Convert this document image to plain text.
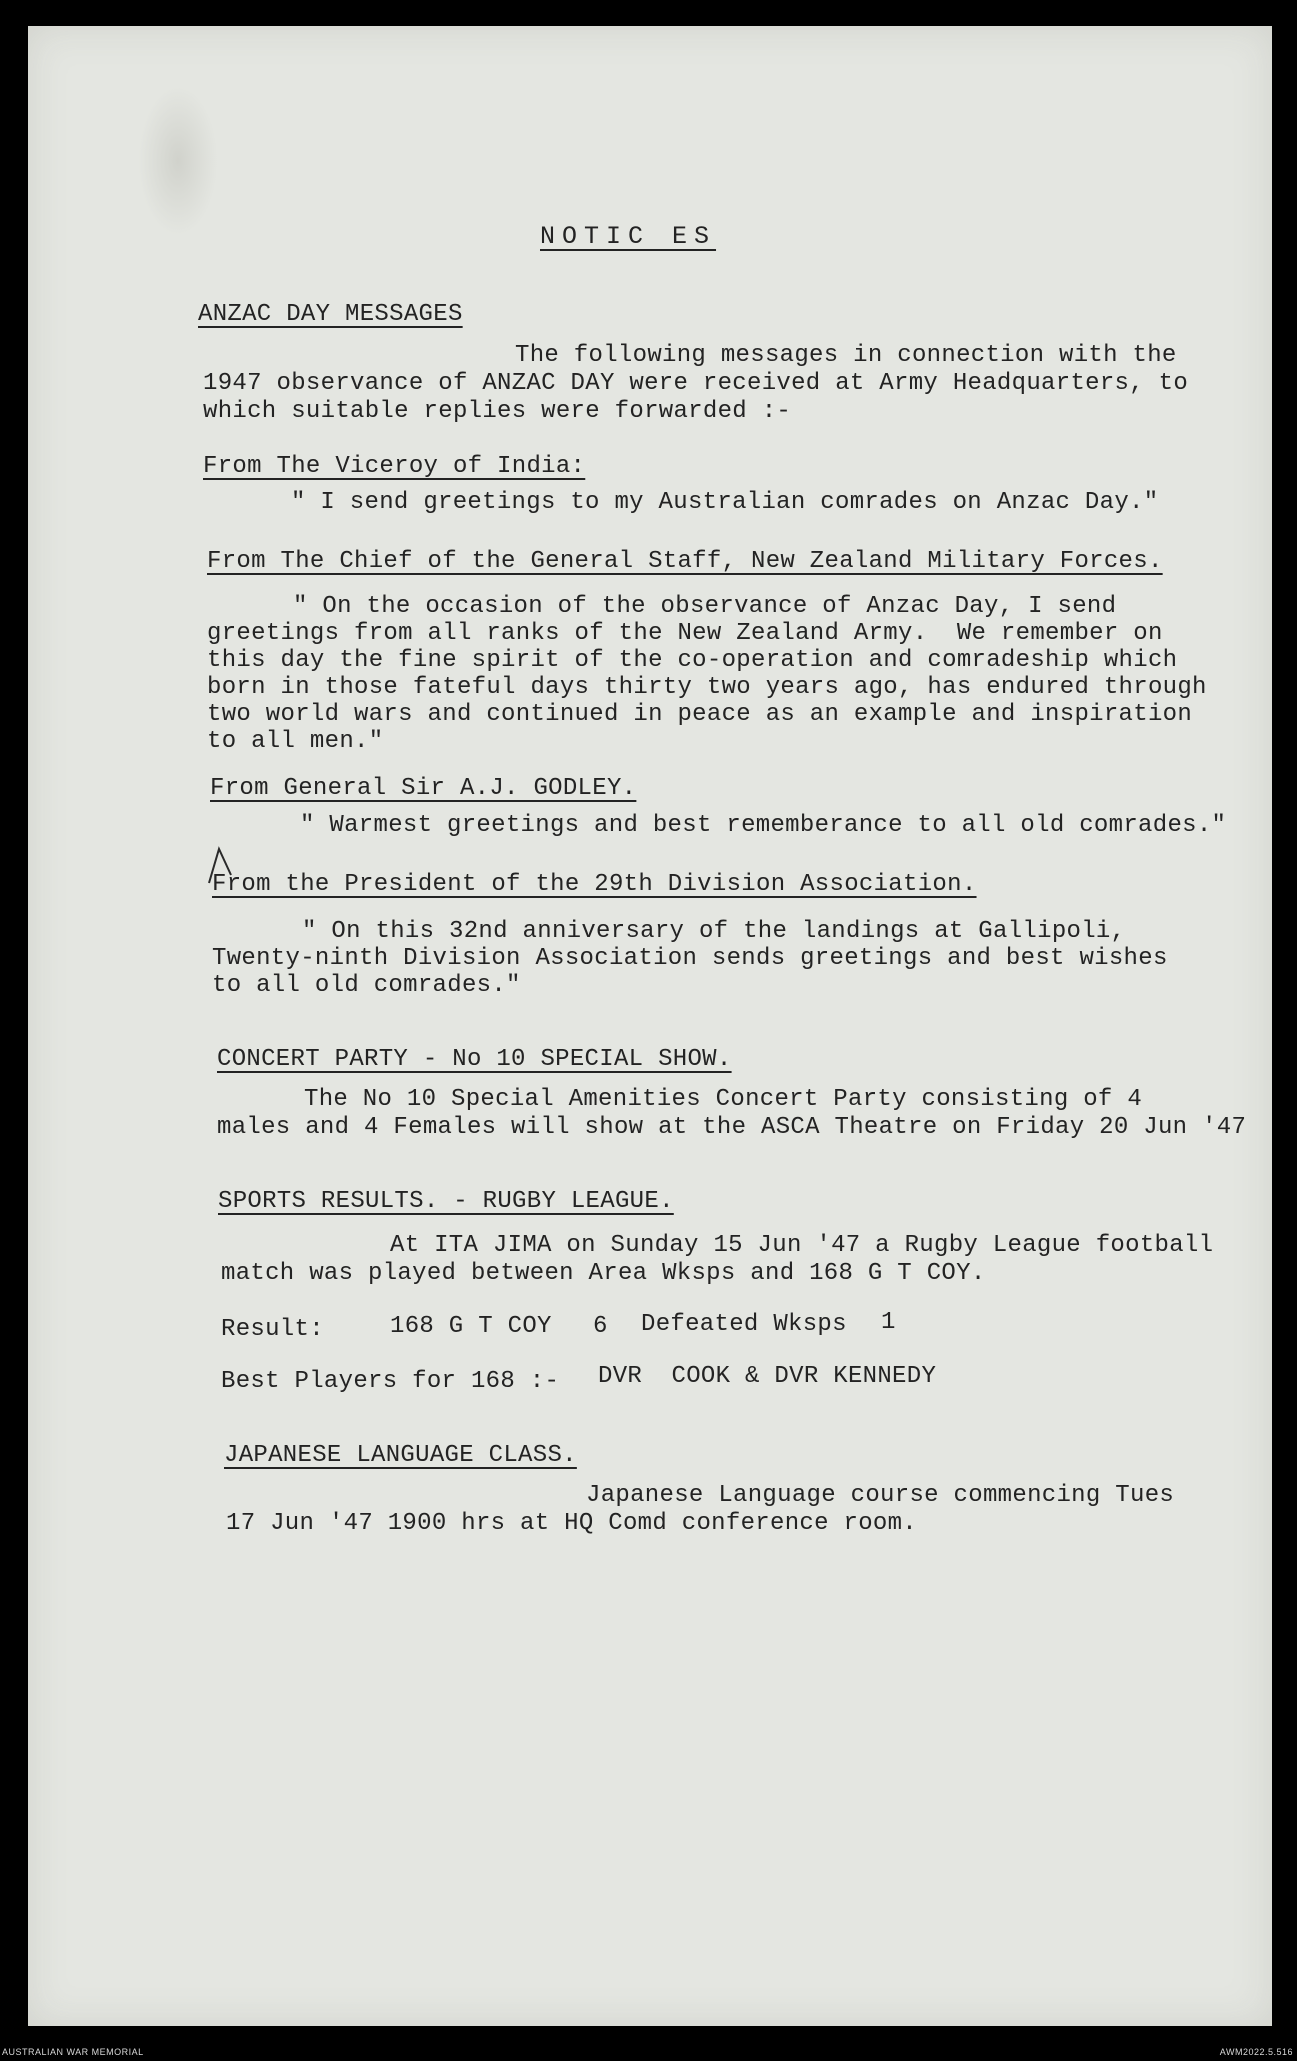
NOTIC ES
ANZAC DAY MESSAGES
The following messages in connection with the
1947 observance of ANZAC DAY were received at Army Headquarters, to
which suitable replies were forwarded :-
From The Viceroy of India:
" I send greetings to my Australian comrades on Anzac Day."
From The Chief of the General Staff, New Zealand Military Forces.
" On the occasion of the observance of Anzac Day, I send
greetings from all ranks of the New Zealand Army.  We remember on
this day the fine spirit of the co-operation and comradeship which
born in those fateful days thirty two years ago, has endured through
two world wars and continued in peace as an example and inspiration
to all men."
From General Sir A.J. GODLEY.
" Warmest greetings and best rememberance to all old comrades."
From the President of the 29th Division Association.
" On this 32nd anniversary of the landings at Gallipoli,
Twenty-ninth Division Association sends greetings and best wishes
to all old comrades."
CONCERT PARTY - No 10 SPECIAL SHOW.
The No 10 Special Amenities Concert Party consisting of 4
males and 4 Females will show at the ASCA Theatre on Friday 20 Jun '47
SPORTS RESULTS. - RUGBY LEAGUE.
At ITA JIMA on Sunday 15 Jun '47 a Rugby League football
match was played between Area Wksps and 168 G T COY.
Result:	168 G T COY 6 Defeated Wksps 1
Best Players for 168 :- DVR  COOK & DVR KENNEDY
JAPANESE LANGUAGE CLASS.
Japanese Language course commencing Tues
17 Jun '47 1900 hrs at HQ Comd conference room.
AUSTRALIAN WAR MEMORIAL	AWM2022.5.516
